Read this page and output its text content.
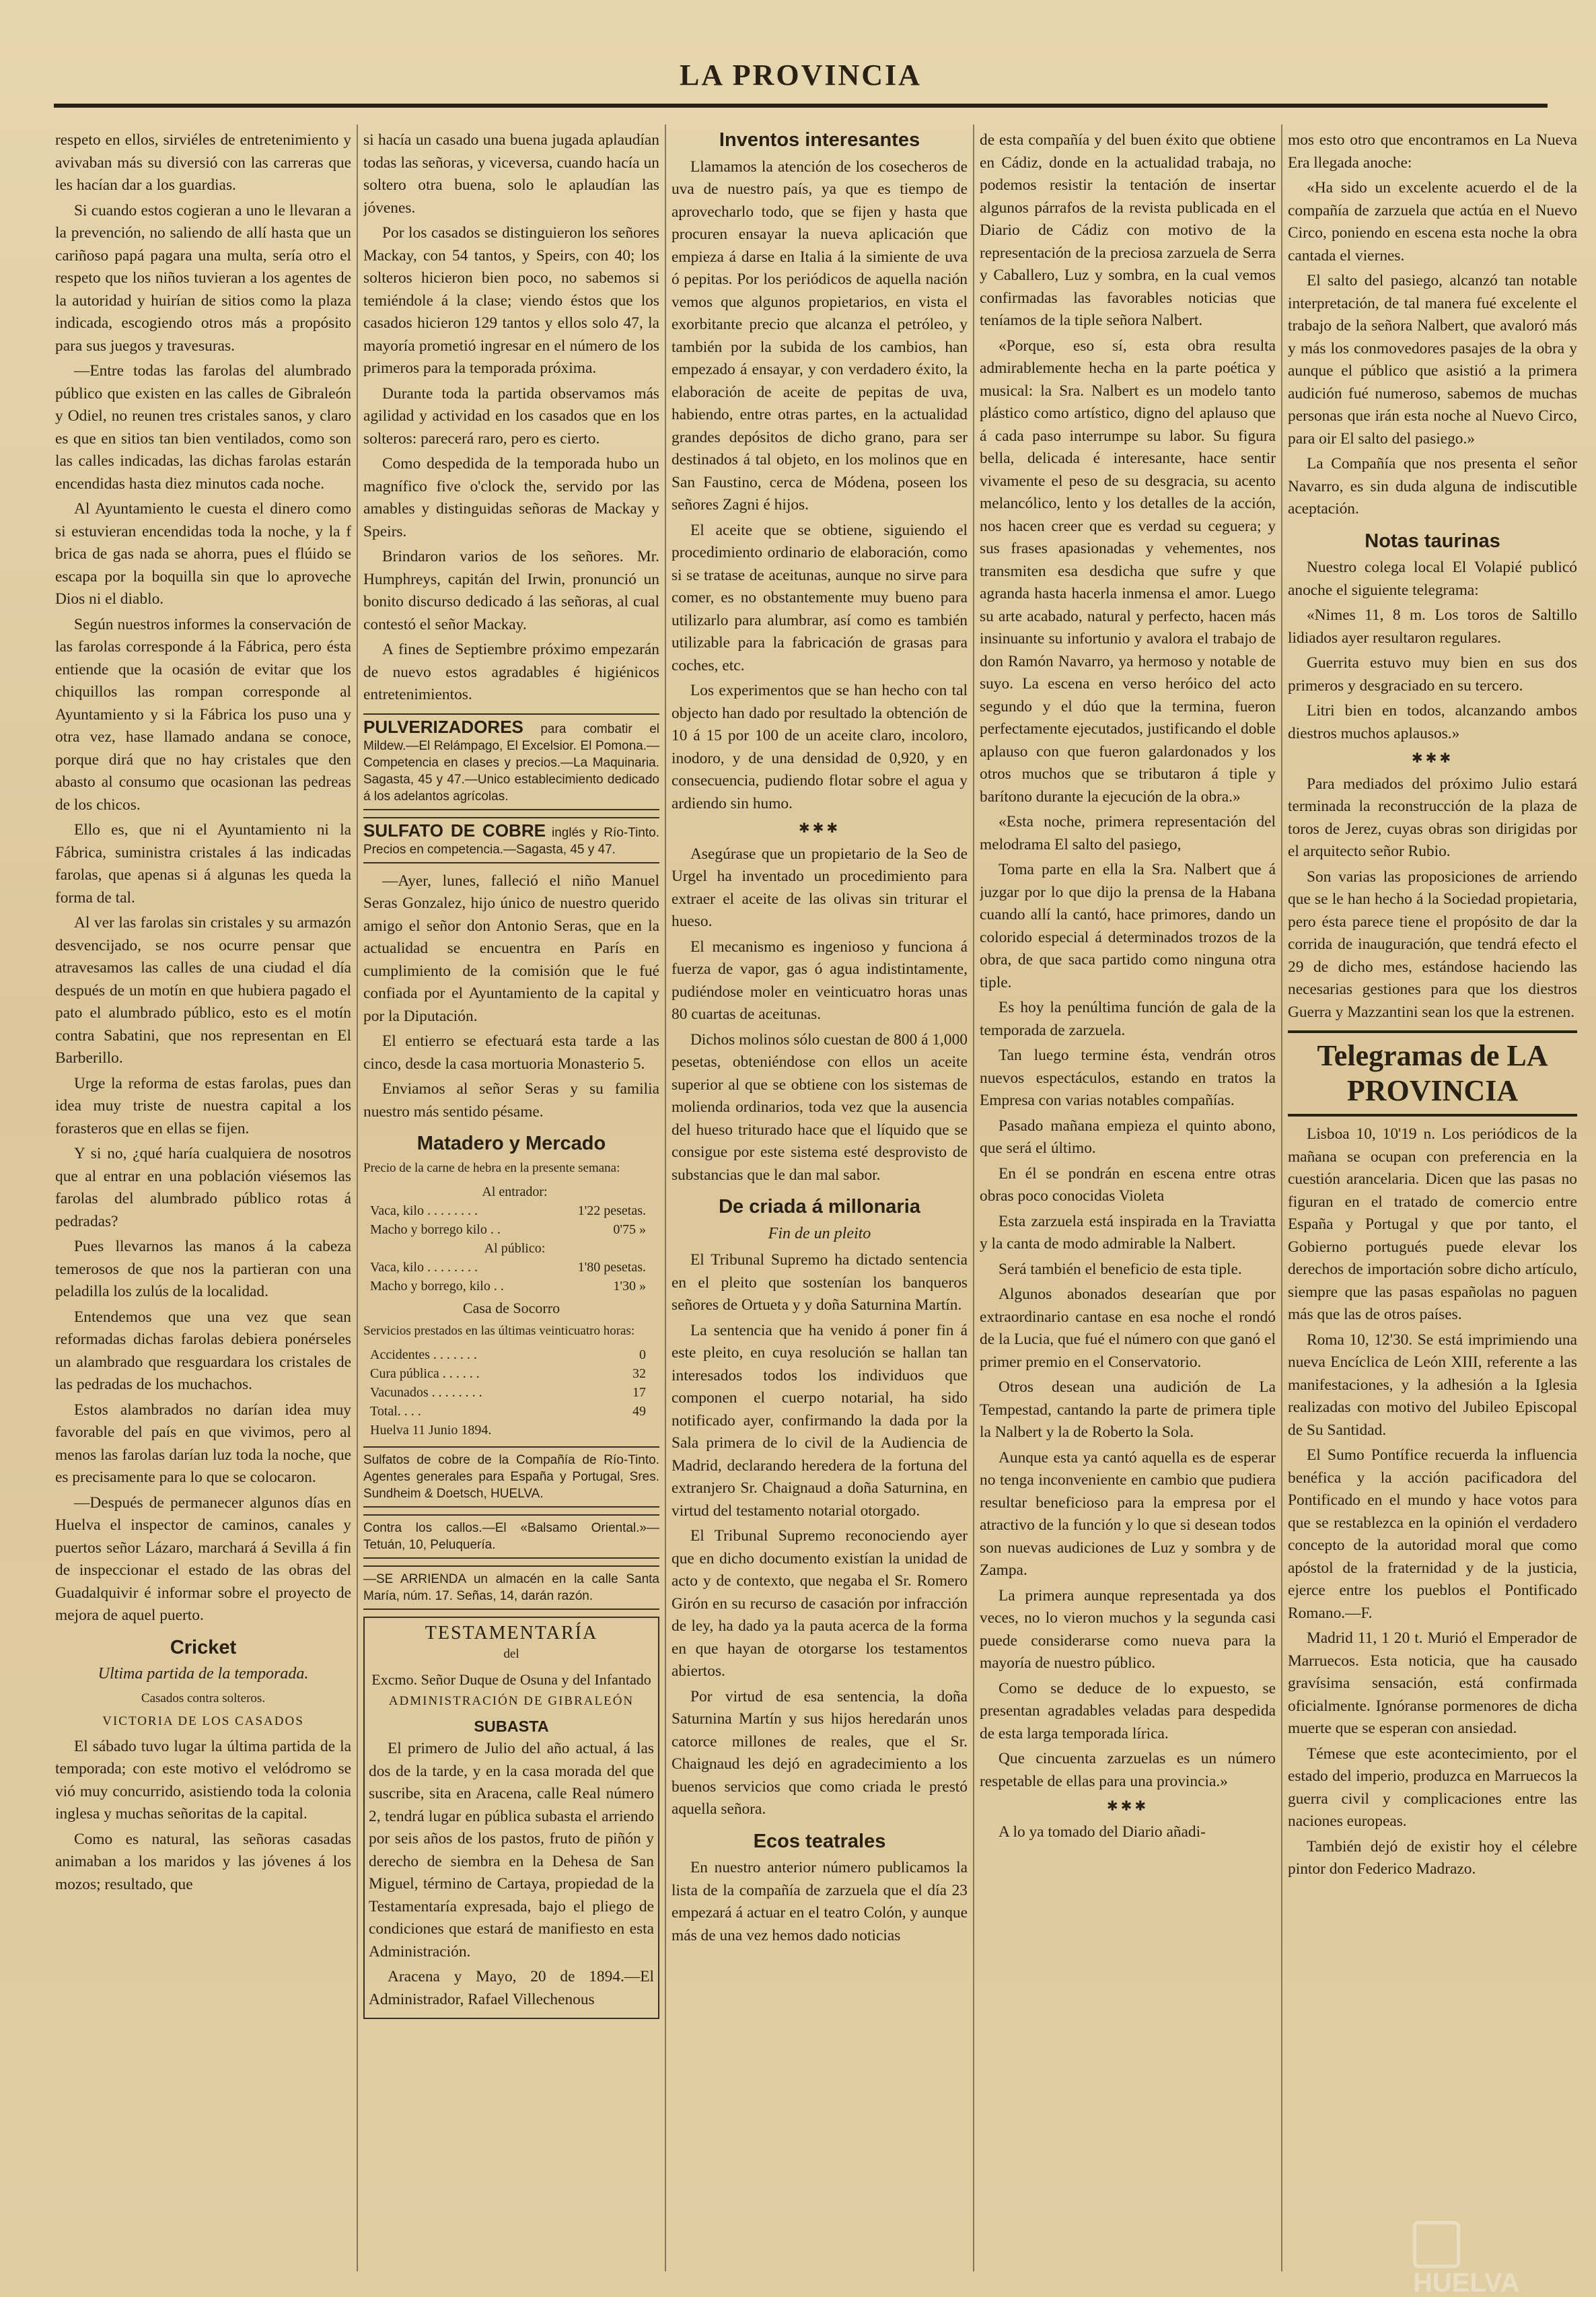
LA PROVINCIA

respeto en ellos, sirviéles de entretenimiento y avivaban más su diversió con las carreras que les hacían dar a los guardias.

Si cuando estos cogieran a uno le llevaran a la prevención, no saliendo de allí hasta que un cariñoso papá pagara una multa, sería otro el respeto que los niños tuvieran a los agentes de la autoridad y huirían de sitios como la plaza indicada, escogiendo otros más a propósito para sus juegos y travesuras.

—Entre todas las farolas del alumbrado público que existen en las calles de Gibraleón y Odiel, no reunen tres cristales sanos, y claro es que en sitios tan bien ventilados, como son las calles indicadas, las dichas farolas estarán encendidas hasta diez minutos cada noche.

Al Ayuntamiento le cuesta el dinero como si estuvieran encendidas toda la noche, y la f brica de gas nada se ahorra, pues el flúido se escapa por la boquilla sin que lo aproveche Dios ni el diablo.

Según nuestros informes la conservación de las farolas corresponde á la Fábrica, pero ésta entiende que la ocasión de evitar que los chiquillos las rompan corresponde al Ayuntamiento y si la Fábrica los puso una y otra vez, hase llamado andana se conoce, porque dirá que no hay cristales que den abasto al consumo que ocasionan las pedreas de los chicos.

Ello es, que ni el Ayuntamiento ni la Fábrica, suministra cristales á las indicadas farolas, que apenas si á algunas les queda la forma de tal.

Al ver las farolas sin cristales y su armazón desvencijado, se nos ocurre pensar que atravesamos las calles de una ciudad el día después de un motín en que hubiera pagado el pato el alumbrado público, esto es el motín contra Sabatini, que nos representan en El Barberillo.

Urge la reforma de estas farolas, pues dan idea muy triste de nuestra capital a los forasteros que en ellas se fijen.

Y si no, ¿qué haría cualquiera de nosotros que al entrar en una población viésemos las farolas del alumbrado público rotas á pedradas?

Pues llevarnos las manos á la cabeza temerosos de que nos la partieran con una peladilla los zulús de la localidad.

Entendemos que una vez que sean reformadas dichas farolas debiera ponérseles un alambrado que resguardara los cristales de las pedradas de los muchachos.

Estos alambrados no darían idea muy favorable del país en que vivimos, pero al menos las farolas darían luz toda la noche, que es precisamente para lo que se colocaron.

—Después de permanecer algunos días en Huelva el inspector de caminos, canales y puertos señor Lázaro, marchará á Sevilla á fin de inspeccionar el estado de las obras del Guadalquivir é informar sobre el proyecto de mejora de aquel puerto.

Cricket
Ultima partida de la temporada.
Casados contra solteros.
VICTORIA DE LOS CASADOS

El sábado tuvo lugar la última partida de la temporada; con este motivo el velódromo se vió muy concurrido, asistiendo toda la colonia inglesa y muchas señoritas de la capital.

Como es natural, las señoras casadas animaban a los maridos y las jóvenes á los mozos; resultado, que

si hacía un casado una buena jugada aplaudían todas las señoras, y viceversa, cuando hacía un soltero otra buena, solo le aplaudían las jóvenes.

Por los casados se distinguieron los señores Mackay, con 54 tantos, y Speirs, con 40; los solteros hicieron bien poco, no sabemos si temiéndole á la clase; viendo éstos que los casados hicieron 129 tantos y ellos solo 47, la mayoría prometió ingresar en el número de los primeros para la temporada próxima.

Durante toda la partida observamos más agilidad y actividad en los casados que en los solteros: parecerá raro, pero es cierto.

Como despedida de la temporada hubo un magnífico five o'clock the, servido por las amables y distinguidas señoras de Mackay y Speirs.

Brindaron varios de los señores. Mr. Humphreys, capitán del Irwin, pronunció un bonito discurso dedicado á las señoras, al cual contestó el señor Mackay.

A fines de Septiembre próximo empezarán de nuevo estos agradables é higiénicos entretenimientos.

PULVERIZADORES para combatir el Mildew.—El Relámpago, El Excelsior. El Pomona.—Competencia en clases y precios.—La Maquinaria. Sagasta, 45 y 47.—Unico establecimiento dedicado á los adelantos agrícolas.
SULFATO DE COBRE inglés y Río-Tinto. Precios en competencia.—Sagasta, 45 y 47.

—Ayer, lunes, falleció el niño Manuel Seras Gonzalez, hijo único de nuestro querido amigo el señor don Antonio Seras, que en la actualidad se encuentra en París en cumplimiento de la comisión que le fué confiada por el Ayuntamiento de la capital y por la Diputación.

El entierro se efectuará esta tarde a las cinco, desde la casa mortuoria Monasterio 5.

Enviamos al señor Seras y su familia nuestro más sentido pésame.

Matadero y Mercado
Precio de la carne de hebra en la presente semana:
Al entrador:
Vaca, kilo . . . . . . . .	1'22 pesetas.
Macho y borrego kilo . .	0'75 »
Al público:
Vaca, kilo . . . . . . . .	1'80 pesetas.
Macho y borrego, kilo . .	1'30 »
Casa de Socorro
Servicios prestados en las últimas veinticuatro horas:
Accidentes . . . . . . .	0
Cura pública . . . . . .	32
Vacunados . . . . . . . .	17
Total. . . .	49
Huelva 11 Junio 1894.
Sulfatos de cobre de la Compañía de Río-Tinto. Agentes generales para España y Portugal, Sres. Sundheim & Doetsch, HUELVA.
Contra los callos.—El «Balsamo Oriental.»—Tetuán, 10, Peluquería.
—SE ARRIENDA un almacén en la calle Santa María, núm. 17. Señas, 14, darán razón.
TESTAMENTARÍA
del
Excmo. Señor Duque de Osuna y del Infantado
ADMINISTRACIÓN DE GIBRALEÓN
SUBASTA

El primero de Julio del año actual, á las dos de la tarde, y en la casa morada del que suscribe, sita en Aracena, calle Real número 2, tendrá lugar en pública subasta el arriendo por seis años de los pastos, fruto de piñón y derecho de siembra en la Dehesa de San Miguel, término de Cartaya, propiedad de la Testamentaría expresada, bajo el pliego de condiciones que estará de manifiesto en esta Administración.

Aracena y Mayo, 20 de 1894.—El Administrador, Rafael Villechenous

Inventos interesantes

Llamamos la atención de los cosecheros de uva de nuestro país, ya que es tiempo de aprovecharlo todo, que se fijen y hasta que procuren ensayar la nueva aplicación que empieza á darse en Italia á la simiente de uva ó pepitas. Por los periódicos de aquella nación vemos que algunos propietarios, en vista el exorbitante precio que alcanza el petróleo, y también por la subida de los cambios, han empezado á ensayar, y con verdadero éxito, la elaboración de aceite de pepitas de uva, habiendo, entre otras partes, en la actualidad grandes depósitos de dicho grano, para ser destinados á tal objeto, en los molinos que en San Faustino, cerca de Módena, poseen los señores Zagni é hijos.

El aceite que se obtiene, siguiendo el procedimiento ordinario de elaboración, como si se tratase de aceitunas, aunque no sirve para comer, es no obstantemente muy bueno para utilizarlo para alumbrar, así como es también utilizable para la fabricación de grasas para coches, etc.

Los experimentos que se han hecho con tal objecto han dado por resultado la obtención de 10 á 15 por 100 de un aceite claro, incoloro, inodoro, y de una densidad de 0,920, y en consecuencia, pudiendo flotar sobre el agua y ardiendo sin humo.

✱✱✱

Asegúrase que un propietario de la Seo de Urgel ha inventado un procedimiento para extraer el aceite de las olivas sin triturar el hueso.

El mecanismo es ingenioso y funciona á fuerza de vapor, gas ó agua indistintamente, pudiéndose moler en veinticuatro horas unas 80 cuartas de aceitunas.

Dichos molinos sólo cuestan de 800 á 1,000 pesetas, obteniéndose con ellos un aceite superior al que se obtiene con los sistemas de molienda ordinarios, toda vez que la ausencia del hueso triturado hace que el líquido que se consigue por este sistema esté desprovisto de substancias que le dan mal sabor.

De criada á millonaria
Fin de un pleito

El Tribunal Supremo ha dictado sentencia en el pleito que sostenían los banqueros señores de Ortueta y y doña Saturnina Martín.

La sentencia que ha venido á poner fin á este pleito, en cuya resolución se hallan tan interesados todos los individuos que componen el cuerpo notarial, ha sido notificado ayer, confirmando la dada por la Sala primera de lo civil de la Audiencia de Madrid, declarando heredera de la fortuna del extranjero Sr. Chaignaud a doña Saturnina, en virtud del testamento notarial otorgado.

El Tribunal Supremo reconociendo ayer que en dicho documento existían la unidad de acto y de contexto, que negaba el Sr. Romero Girón en su recurso de casación por infracción de ley, ha dado ya la pauta acerca de la forma en que hayan de otorgarse los testamentos abiertos.

Por virtud de esa sentencia, la doña Saturnina Martín y sus hijos heredarán unos catorce millones de reales, que el Sr. Chaignaud les dejó en agradecimiento a los buenos servicios que como criada le prestó aquella señora.

Ecos teatrales

En nuestro anterior número publicamos la lista de la compañía de zarzuela que el día 23 empezará á actuar en el teatro Colón, y aunque más de una vez hemos dado noticias

de esta compañía y del buen éxito que obtiene en Cádiz, donde en la actualidad trabaja, no podemos resistir la tentación de insertar algunos párrafos de la revista publicada en el Diario de Cádiz con motivo de la representación de la preciosa zarzuela de Serra y Caballero, Luz y sombra, en la cual vemos confirmadas las favorables noticias que teníamos de la tiple señora Nalbert.

«Porque, eso sí, esta obra resulta admirablemente hecha en la parte poética y musical: la Sra. Nalbert es un modelo tanto plástico como artístico, digno del aplauso que á cada paso interrumpe su labor. Su figura bella, delicada é interesante, hace sentir vivamente el peso de su desgracia, su acento melancólico, lento y los detalles de la acción, nos hacen creer que es verdad su ceguera; y sus frases apasionadas y vehementes, nos transmiten esa desdicha que sufre y que agranda hasta hacerla inmensa el amor. Luego su arte acabado, natural y perfecto, hacen más insinuante su infortunio y avalora el trabajo de don Ramón Navarro, ya hermoso y notable de suyo. La escena en verso heróico del acto segundo y el dúo que la termina, fueron perfectamente ejecutados, justificando el doble aplauso con que fueron galardonados y los otros muchos que se tributaron á tiple y barítono durante la ejecución de la obra.»

«Esta noche, primera representación del melodrama El salto del pasiego,

Toma parte en ella la Sra. Nalbert que á juzgar por lo que dijo la prensa de la Habana cuando allí la cantó, hace primores, dando un colorido especial á determinados trozos de la obra, de que saca partido como ninguna otra tiple.

Es hoy la penúltima función de gala de la temporada de zarzuela.

Tan luego termine ésta, vendrán otros nuevos espectáculos, estando en tratos la Empresa con varias notables compañías.

Pasado mañana empieza el quinto abono, que será el último.

En él se pondrán en escena entre otras obras poco conocidas Violeta

Esta zarzuela está inspirada en la Traviatta y la canta de modo admirable la Nalbert.

Será también el beneficio de esta tiple.

Algunos abonados desearían que por extraordinario cantase en esa noche el rondó de la Lucia, que fué el número con que ganó el primer premio en el Conservatorio.

Otros desean una audición de La Tempestad, cantando la parte de primera tiple la Nalbert y la de Roberto la Sola.

Aunque esta ya cantó aquella es de esperar no tenga inconveniente en cambio que pudiera resultar beneficioso para la empresa por el atractivo de la función y lo que si desean todos son nuevas audiciones de Luz y sombra y de Zampa.

La primera aunque representada ya dos veces, no lo vieron muchos y la segunda casi puede considerarse como nueva para la mayoría de nuestro público.

Como se deduce de lo expuesto, se presentan agradables veladas para despedida de esta larga temporada lírica.

Que cincuenta zarzuelas es un número respetable de ellas para una provincia.»

✱✱✱

A lo ya tomado del Diario añadi-

mos esto otro que encontramos en La Nueva Era llegada anoche:

«Ha sido un excelente acuerdo el de la compañía de zarzuela que actúa en el Nuevo Circo, poniendo en escena esta noche la obra cantada el viernes.

El salto del pasiego, alcanzó tan notable interpretación, de tal manera fué excelente el trabajo de la señora Nalbert, que avaloró más y más los conmovedores pasajes de la obra y aunque el público que asistió a la primera audición fué numeroso, sabemos de muchas personas que irán esta noche al Nuevo Circo, para oir El salto del pasiego.»

La Compañía que nos presenta el señor Navarro, es sin duda alguna de indiscutible aceptación.

Notas taurinas

Nuestro colega local El Volapié publicó anoche el siguiente telegrama:

«Nimes 11, 8 m. Los toros de Saltillo lidiados ayer resultaron regulares.

Guerrita estuvo muy bien en sus dos primeros y desgraciado en su tercero.

Litri bien en todos, alcanzando ambos diestros muchos aplausos.»

✱✱✱

Para mediados del próximo Julio estará terminada la reconstrucción de la plaza de toros de Jerez, cuyas obras son dirigidas por el arquitecto señor Rubio.

Son varias las proposiciones de arriendo que se le han hecho á la Sociedad propietaria, pero ésta parece tiene el propósito de dar la corrida de inauguración, que tendrá efecto el 29 de dicho mes, estándose haciendo las necesarias gestiones para que los diestros Guerra y Mazzantini sean los que la estrenen.

Telegramas de LA PROVINCIA

Lisboa 10, 10'19 n. Los periódicos de la mañana se ocupan con preferencia en la cuestión arancelaria. Dicen que las pasas no figuran en el tratado de comercio entre España y Portugal y que por tanto, el Gobierno portugués puede elevar los derechos de importación sobre dicho artículo, siempre que las pasas españolas no paguen más que las de otros países.

Roma 10, 12'30. Se está imprimiendo una nueva Encíclica de León XIII, referente a las manifestaciones, y la adhesión a la Iglesia realizadas con motivo del Jubileo Episcopal de Su Santidad.

El Sumo Pontífice recuerda la influencia benéfica y la acción pacificadora del Pontificado en el mundo y hace votos para que se restablezca en la opinión el verdadero concepto de la autoridad moral que como apóstol de la fraternidad y de la justicia, ejerce entre los pueblos el Pontificado Romano.—F.

Madrid 11, 1 20 t. Murió el Emperador de Marruecos. Esta noticia, que ha causado gravísima sensación, está confirmada oficialmente. Ignóranse pormenores de dicha muerte que se esperan con ansiedad.

Témese que este acontecimiento, por el estado del imperio, produzca en Marruecos la guerra civil y complicaciones entre las naciones europeas.

También dejó de existir hoy el célebre pintor don Federico Madrazo.

HUELVA
